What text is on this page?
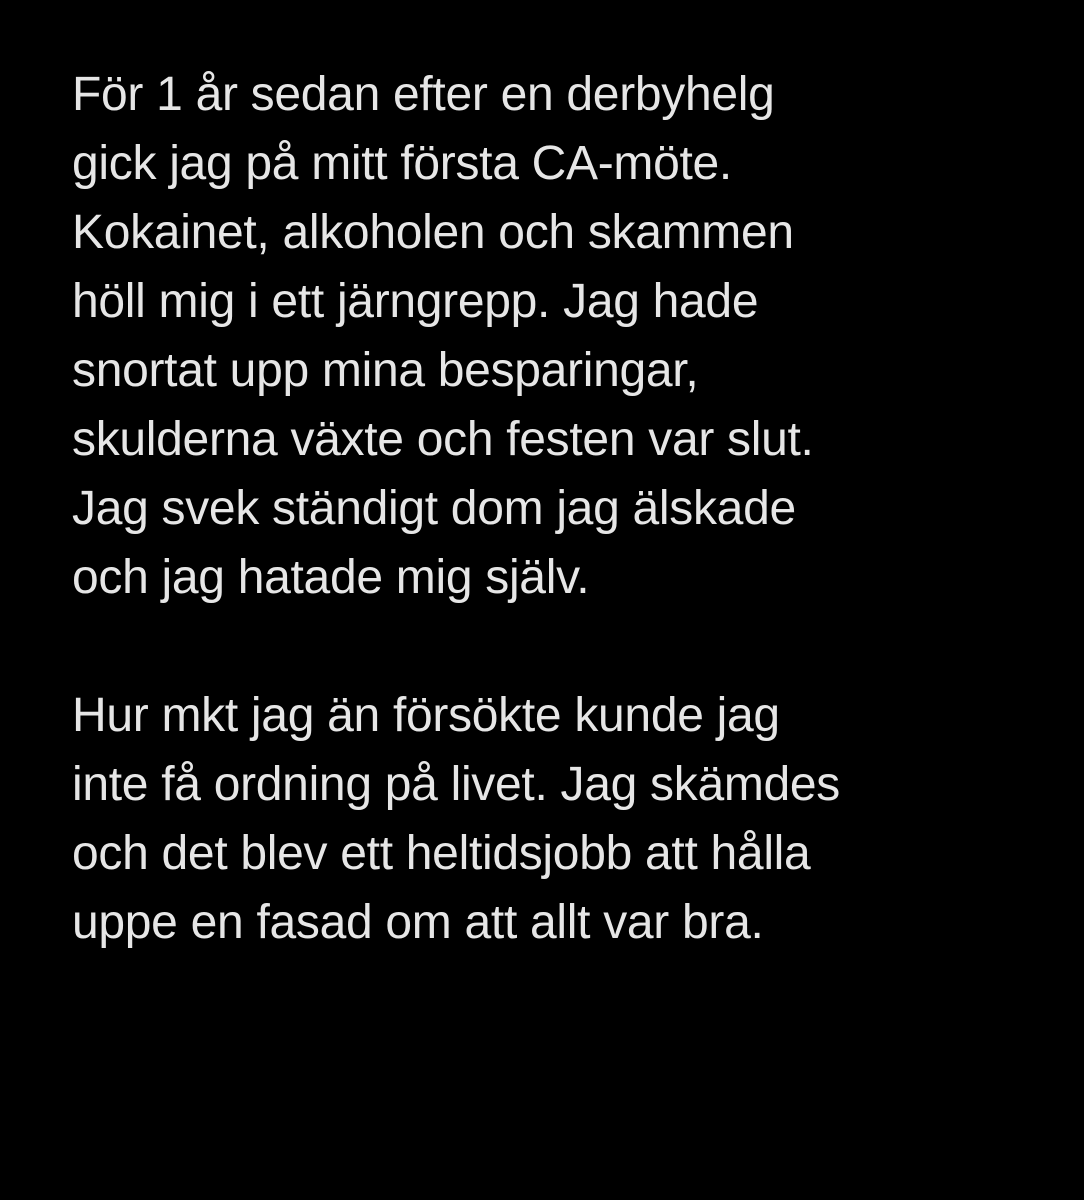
För 1 år sedan efter en derbyhelg
gick jag på mitt första CA-möte.
Kokainet, alkoholen och skammen
höll mig i ett järngrepp. Jag hade
snortat upp mina besparingar,
skulderna växte och festen var slut.
Jag svek ständigt dom jag älskade
och jag hatade mig själv.

Hur mkt jag än försökte kunde jag
inte få ordning på livet. Jag skämdes
och det blev ett heltidsjobb att hålla
uppe en fasad om att allt var bra.
